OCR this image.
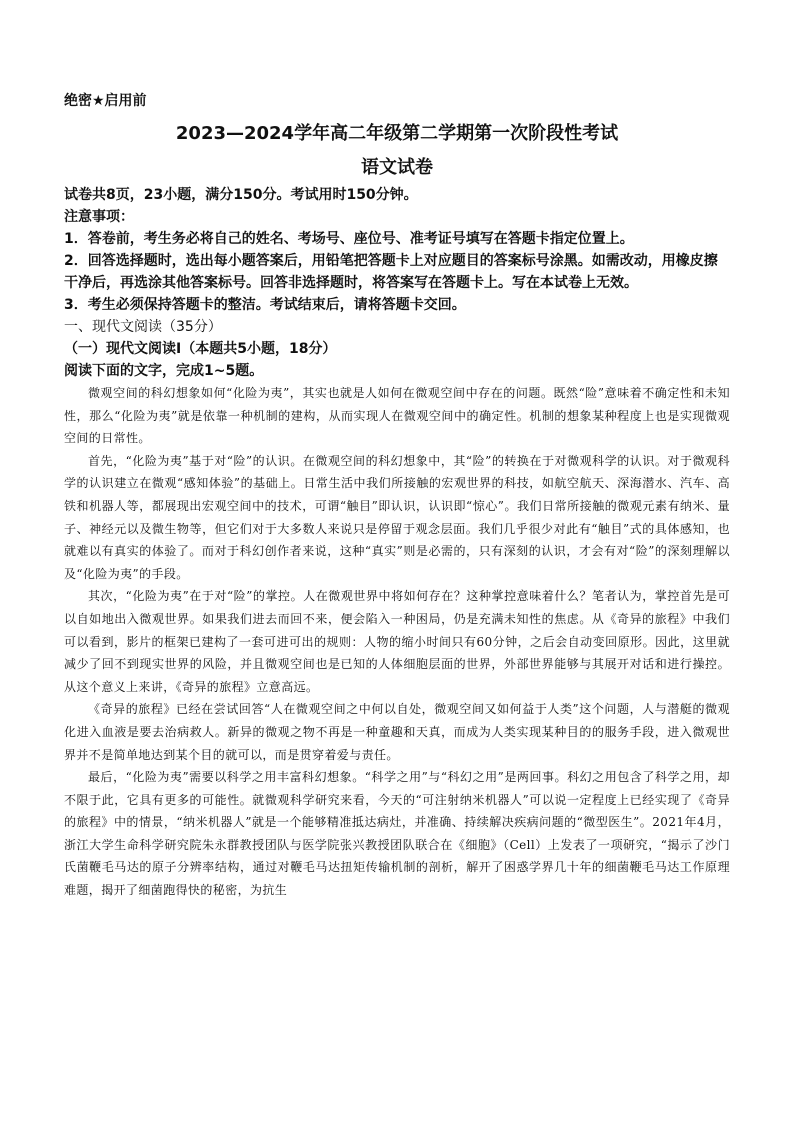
绝密★启用前
2023—2024学年高二年级第二学期第一次阶段性考试
语文试卷

试卷共8页，23小题，满分150分。考试用时150分钟。

注意事项：

1．答卷前，考生务必将自己的姓名、考场号、座位号、准考证号填写在答题卡指定位置上。

2．回答选择题时，选出每小题答案后，用铅笔把答题卡上对应题目的答案标号涂黑。如需改动，用橡皮擦干净后，再选涂其他答案标号。回答非选择题时，将答案写在答题卡上。写在本试卷上无效。

3．考生必须保持答题卡的整洁。考试结束后，请将答题卡交回。

一、现代文阅读（35分）
（一）现代文阅读Ⅰ（本题共5小题，18分）
阅读下面的文字，完成1~5题。

微观空间的科幻想象如何“化险为夷”，其实也就是人如何在微观空间中存在的问题。既然“险”意味着不确定性和未知性，那么“化险为夷”就是依靠一种机制的建构，从而实现人在微观空间中的确定性。机制的想象某种程度上也是实现微观空间的日常性。

首先，“化险为夷”基于对“险”的认识。在微观空间的科幻想象中，其“险”的转换在于对微观科学的认识。对于微观科学的认识建立在微观“感知体验”的基础上。日常生活中我们所接触的宏观世界的科技，如航空航天、深海潜水、汽车、高铁和机器人等，都展现出宏观空间中的技术，可谓“触目”即认识，认识即“惊心”。我们日常所接触的微观元素有纳米、量子、神经元以及微生物等，但它们对于大多数人来说只是停留于观念层面。我们几乎很少对此有“触目”式的具体感知，也就难以有真实的体验了。而对于科幻创作者来说，这种“真实”则是必需的，只有深刻的认识，才会有对“险”的深刻理解以及“化险为夷”的手段。

其次，“化险为夷”在于对“险”的掌控。人在微观世界中将如何存在？这种掌控意味着什么？笔者认为，掌控首先是可以自如地出入微观世界。如果我们进去而回不来，便会陷入一种困局，仍是充满未知性的焦虑。从《奇异的旅程》中我们可以看到，影片的框架已建构了一套可进可出的规则：人物的缩小时间只有60分钟，之后会自动变回原形。因此，这里就减少了回不到现实世界的风险，并且微观空间也是已知的人体细胞层面的世界，外部世界能够与其展开对话和进行操控。从这个意义上来讲，《奇异的旅程》立意高远。

《奇异的旅程》已经在尝试回答“人在微观空间之中何以自处，微观空间又如何益于人类”这个问题，人与潜艇的微观化进入血液是要去治病救人。新异的微观之物不再是一种童趣和天真，而成为人类实现某种目的的服务手段，进入微观世界并不是简单地达到某个目的就可以，而是贯穿着爱与责任。

最后，“化险为夷”需要以科学之用丰富科幻想象。“科学之用”与“科幻之用”是两回事。科幻之用包含了科学之用，却不限于此，它具有更多的可能性。就微观科学研究来看，今天的“可注射纳米机器人”可以说一定程度上已经实现了《奇异的旅程》中的情景，“纳米机器人”就是一个能够精准抵达病灶，并准确、持续解决疾病问题的“微型医生”。2021年4月，浙江大学生命科学研究院朱永群教授团队与医学院张兴教授团队联合在《细胞》（Cell）上发表了一项研究，“揭示了沙门氏菌鞭毛马达的原子分辨率结构，通过对鞭毛马达扭矩传输机制的剖析，解开了困惑学界几十年的细菌鞭毛马达工作原理难题，揭开了细菌跑得快的秘密，为抗生
